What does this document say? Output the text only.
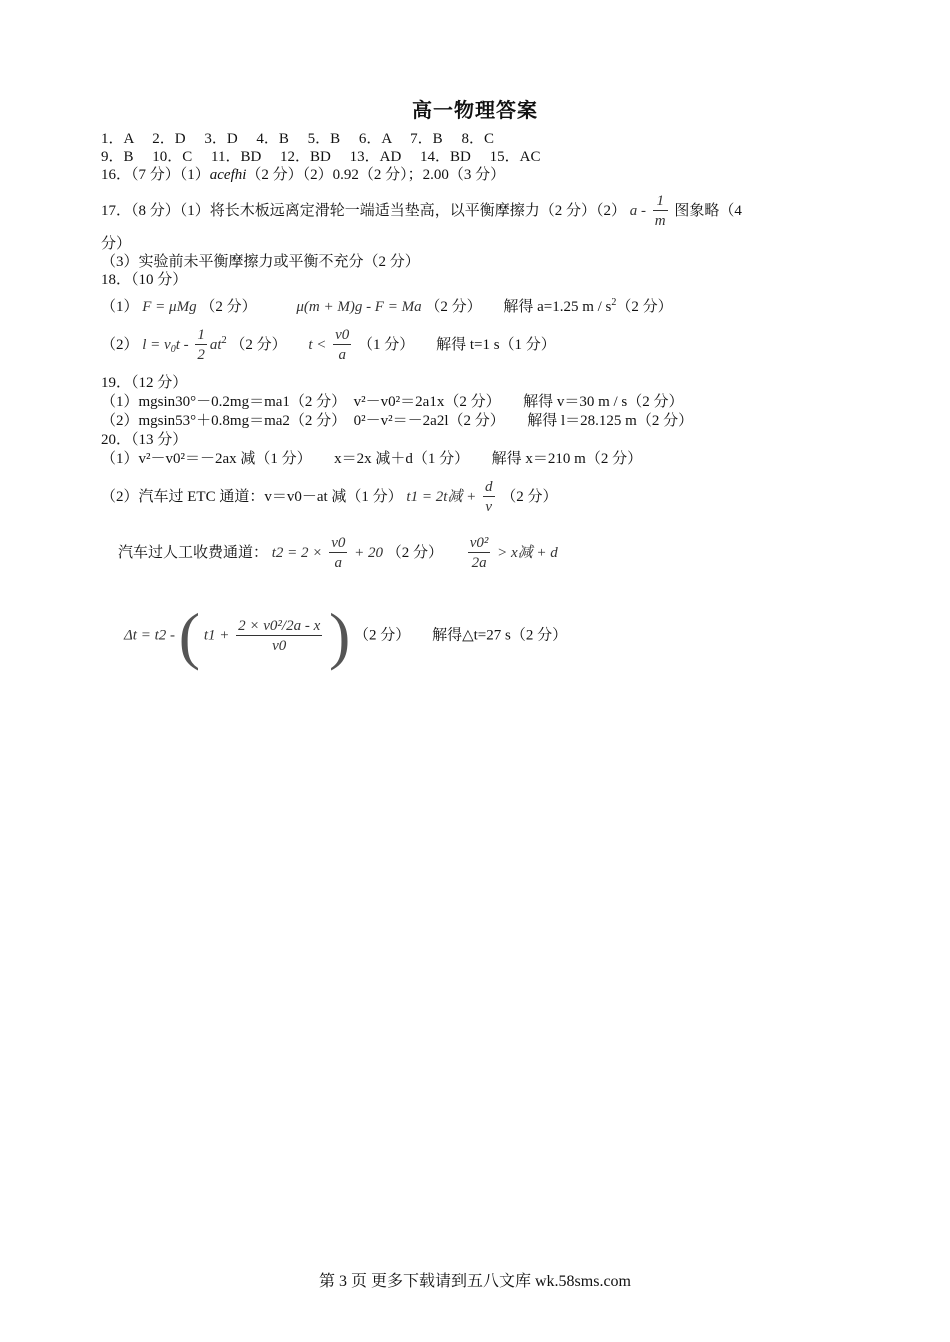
高一物理答案
1．A 　2．D 　3．D 　4．B 　5．B 　6．A 　7．B 　8．C
9．B 　10．C 　11．BD 　12．BD 　13．AD 　14．BD 　15．AC
16．（7 分）（1）acefhi（2 分）（2）0.92（2 分）；2.00（3 分）
17．（8 分）（1）将长木板远离定滑轮一端适当垫高，以平衡摩擦力（2 分）（2） a - $\frac{1}{m}$ 图象略（4
分）
（3）实验前未平衡摩擦力或平衡不充分（2 分）
18．（10 分）
（1） F = μMg （2 分）	μ(m + M)g - F = Ma （2 分） 解得 a=1.25 m / $s^2(2$ 分）
（2） $l = v_0t - \frac{1}{2} at^2$ （2 分） $t < \frac{v0}{a} (1$ 分） 解得 t=1 s（1 分）
19．（12 分）
（1）mgsin30°－0.2mg＝ma1（2 分）　v²－v0²＝2a1x（2 分）　　解得 v＝30 m / s（2 分）
（2）mgsin53°＋0.8mg＝ma2（2 分）　0²－v²＝－2a2l（2 分）　　解得 l＝28.125 m（2 分）
20．（13 分）
（1）v²－v0²＝－2ax 减（1 分）　　x＝2x 减＋d（1 分）　　解得 x＝210 m（2 分）
（2）汽车过 ETC 通道：v＝v0－at 减（1 分） t1 = 2t减 + $\frac{d}{v} (2$ 分）
汽车过人工收费通道： $t2 = 2 \times \frac{v0}{a} + 20$ （2 分） $\frac{\text{v0²}}{2a} > x$减 + d
Δt = t2 - ( $t1 + \frac{\text{2 × v0²/2a - x}}{v0}$ ) （2 分） 解得△t=27 s（2 分）
第 3 页 更多下载请到五八文库 wk.58sms.com
